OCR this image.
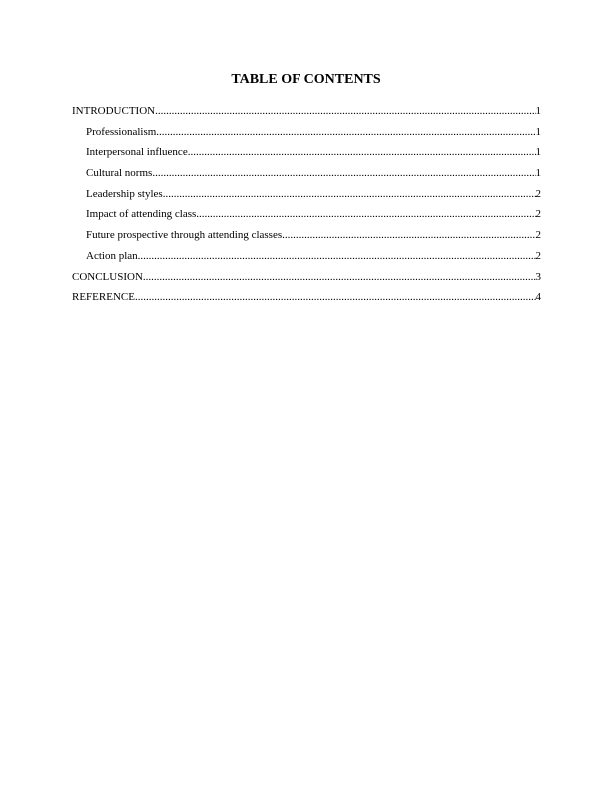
TABLE OF CONTENTS
INTRODUCTION .....	1
Professionalism .....	1
Interpersonal influence .....	1
Cultural norms .....	1
Leadership styles .....	2
Impact of attending class .....	2
Future prospective through attending classes .....	2
Action plan .....	2
CONCLUSION .....	3
REFERENCE .....	4
